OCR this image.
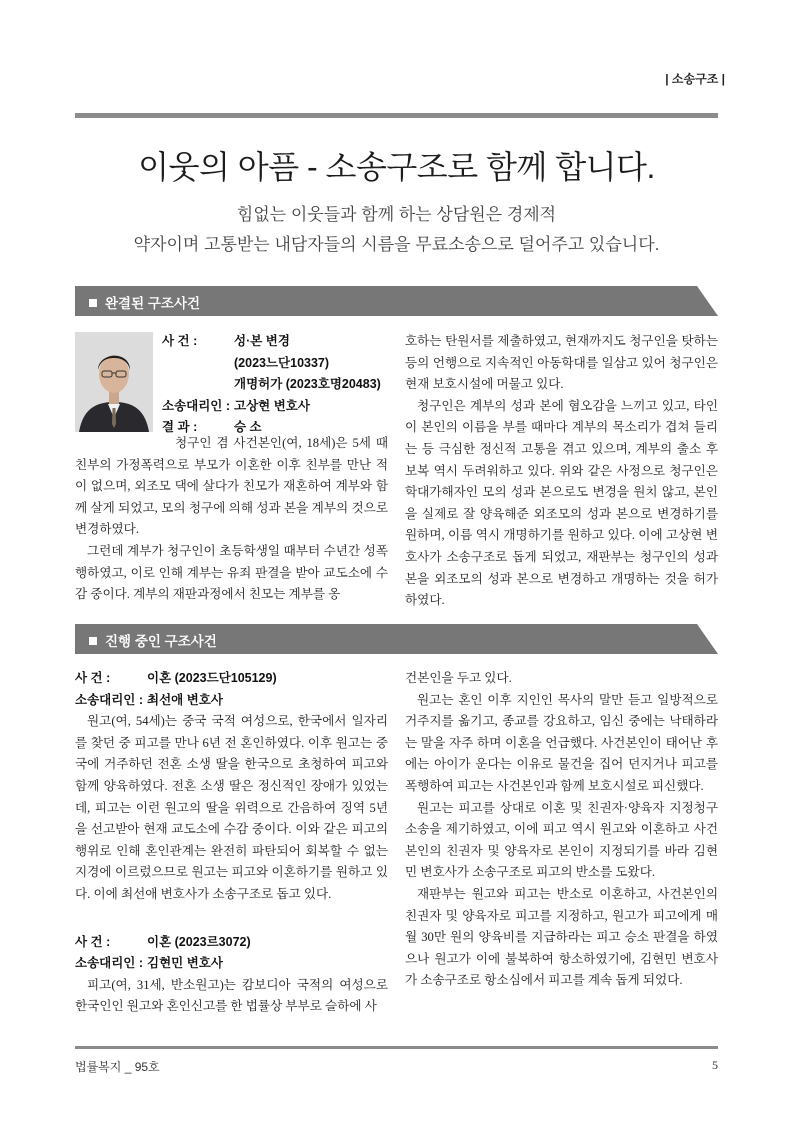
| 소송구조 |
이웃의 아픔 - 소송구조로 함께 합니다.
힘없는 이웃들과 함께 하는 상담원은 경제적
약자이며 고통받는 내담자들의 시름을 무료소송으로 덜어주고 있습니다.
완결된 구조사건
사 건 :	성·본 변경
(2023느단10337)
개명허가 (2023호명20483)
소송대리인 : 고상현 변호사
결 과 :	승 소

청구인 겸 사건본인(여, 18세)은 5세 때 친부의 가정폭력으로 부모가 이혼한 이후 친부를 만난 적이 없으며, 외조모 댁에 살다가 친모가 재혼하여 계부와 함께 살게 되었고, 모의 청구에 의해 성과 본을 계부의 것으로 변경하였다.

그런데 계부가 청구인이 초등학생일 때부터 수년간 성폭행하였고, 이로 인해 계부는 유죄 판결을 받아 교도소에 수감 중이다. 계부의 재판과정에서 친모는 계부를 옹

호하는 탄원서를 제출하였고, 현재까지도 청구인을 탓하는 등의 언행으로 지속적인 아동학대를 일삼고 있어 청구인은 현재 보호시설에 머물고 있다.

청구인은 계부의 성과 본에 혐오감을 느끼고 있고, 타인이 본인의 이름을 부를 때마다 계부의 목소리가 겹쳐 들리는 등 극심한 정신적 고통을 겪고 있으며, 계부의 출소 후 보복 역시 두려워하고 있다. 위와 같은 사정으로 청구인은 학대가해자인 모의 성과 본으로도 변경을 원치 않고, 본인을 실제로 잘 양육해준 외조모의 성과 본으로 변경하기를 원하며, 이름 역시 개명하기를 원하고 있다. 이에 고상현 변호사가 소송구조로 돕게 되었고, 재판부는 청구인의 성과 본을 외조모의 성과 본으로 변경하고 개명하는 것을 허가하였다.

진행 중인 구조사건
사 건 :	이혼 (2023드단105129)
소송대리인 : 최선애 변호사

원고(여, 54세)는 중국 국적 여성으로, 한국에서 일자리를 찾던 중 피고를 만나 6년 전 혼인하였다. 이후 원고는 중국에 거주하던 전혼 소생 딸을 한국으로 초청하여 피고와 함께 양육하였다. 전혼 소생 딸은 정신적인 장애가 있었는데, 피고는 이런 원고의 딸을 위력으로 간음하여 징역 5년을 선고받아 현재 교도소에 수감 중이다. 이와 같은 피고의 행위로 인해 혼인관계는 완전히 파탄되어 회복할 수 없는 지경에 이르렀으므로 원고는 피고와 이혼하기를 원하고 있다. 이에 최선애 변호사가 소송구조로 돕고 있다.

사 건 :	이혼 (2023르3072)
소송대리인 : 김현민 변호사

피고(여, 31세, 반소원고)는 캄보디아 국적의 여성으로 한국인인 원고와 혼인신고를 한 법률상 부부로 슬하에 사

건본인을 두고 있다.

원고는 혼인 이후 지인인 목사의 말만 듣고 일방적으로 거주지를 옮기고, 종교를 강요하고, 임신 중에는 낙태하라는 말을 자주 하며 이혼을 언급했다. 사건본인이 태어난 후에는 아이가 운다는 이유로 물건을 집어 던지거나 피고를 폭행하여 피고는 사건본인과 함께 보호시설로 피신했다.

원고는 피고를 상대로 이혼 및 친권자·양육자 지정청구 소송을 제기하였고, 이에 피고 역시 원고와 이혼하고 사건본인의 친권자 및 양육자로 본인이 지정되기를 바라 김현민 변호사가 소송구조로 피고의 반소를 도왔다.

재판부는 원고와 피고는 반소로 이혼하고, 사건본인의 친권자 및 양육자로 피고를 지정하고, 원고가 피고에게 매월 30만 원의 양육비를 지급하라는 피고 승소 판결을 하였으나 원고가 이에 불복하여 항소하였기에, 김현민 변호사가 소송구조로 항소심에서 피고를 계속 돕게 되었다.

법률복지 _ 95호	5
